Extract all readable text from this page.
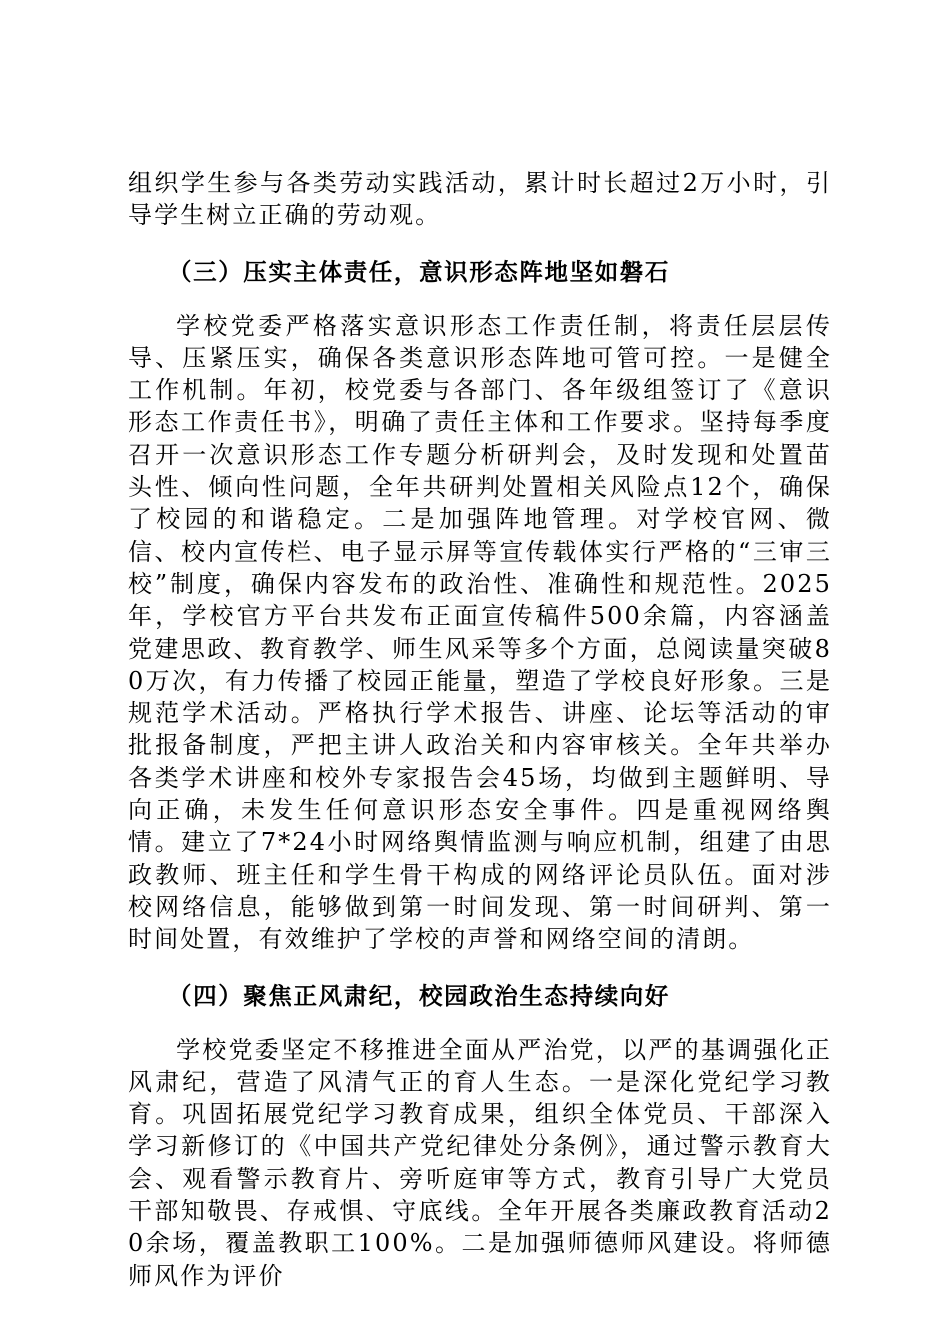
组织学生参与各类劳动实践活动，累计时长超过2万小时，引导学生树立正确的劳动观。

（三）压实主体责任，意识形态阵地坚如磐石

学校党委严格落实意识形态工作责任制，将责任层层传导、压紧压实，确保各类意识形态阵地可管可控。一是健全工作机制。年初，校党委与各部门、各年级组签订了《意识形态工作责任书》，明确了责任主体和工作要求。坚持每季度召开一次意识形态工作专题分析研判会，及时发现和处置苗头性、倾向性问题，全年共研判处置相关风险点12个，确保了校园的和谐稳定。二是加强阵地管理。对学校官网、微信、校内宣传栏、电子显示屏等宣传载体实行严格的“三审三校”制度，确保内容发布的政治性、准确性和规范性。2025年，学校官方平台共发布正面宣传稿件500余篇，内容涵盖党建思政、教育教学、师生风采等多个方面，总阅读量突破80万次，有力传播了校园正能量，塑造了学校良好形象。三是规范学术活动。严格执行学术报告、讲座、论坛等活动的审批报备制度，严把主讲人政治关和内容审核关。全年共举办各类学术讲座和校外专家报告会45场，均做到主题鲜明、导向正确，未发生任何意识形态安全事件。四是重视网络舆情。建立了7*24小时网络舆情监测与响应机制，组建了由思政教师、班主任和学生骨干构成的网络评论员队伍。面对涉校网络信息，能够做到第一时间发现、第一时间研判、第一时间处置，有效维护了学校的声誉和网络空间的清朗。

（四）聚焦正风肃纪，校园政治生态持续向好

学校党委坚定不移推进全面从严治党，以严的基调强化正风肃纪，营造了风清气正的育人生态。一是深化党纪学习教育。巩固拓展党纪学习教育成果，组织全体党员、干部深入学习新修订的《中国共产党纪律处分条例》，通过警示教育大会、观看警示教育片、旁听庭审等方式，教育引导广大党员干部知敬畏、存戒惧、守底线。全年开展各类廉政教育活动20余场，覆盖教职工100%。二是加强师德师风建设。将师德师风作为评价
